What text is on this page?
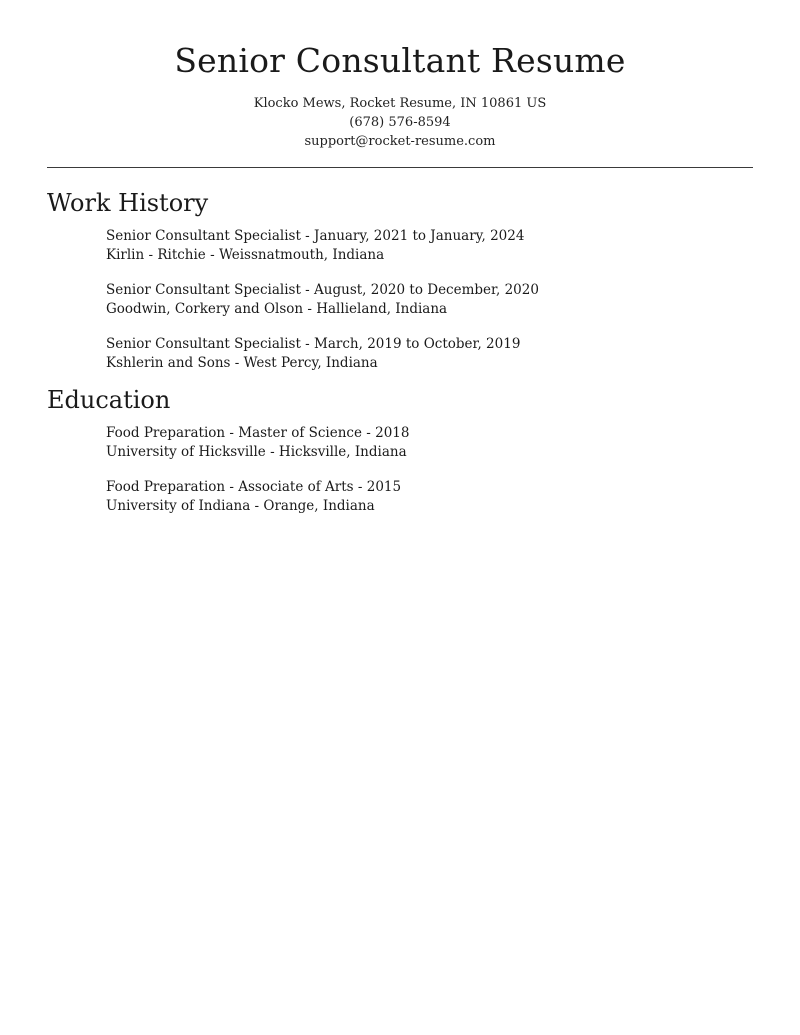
Senior Consultant Resume
Klocko Mews, Rocket Resume, IN 10861 US
(678) 576-8594
support@rocket-resume.com
Work History
Senior Consultant Specialist - January, 2021 to January, 2024
Kirlin - Ritchie - Weissnatmouth, Indiana
Senior Consultant Specialist - August, 2020 to December, 2020
Goodwin, Corkery and Olson - Hallieland, Indiana
Senior Consultant Specialist - March, 2019 to October, 2019
Kshlerin and Sons - West Percy, Indiana
Education
Food Preparation - Master of Science - 2018
University of Hicksville - Hicksville, Indiana
Food Preparation - Associate of Arts - 2015
University of Indiana - Orange, Indiana
